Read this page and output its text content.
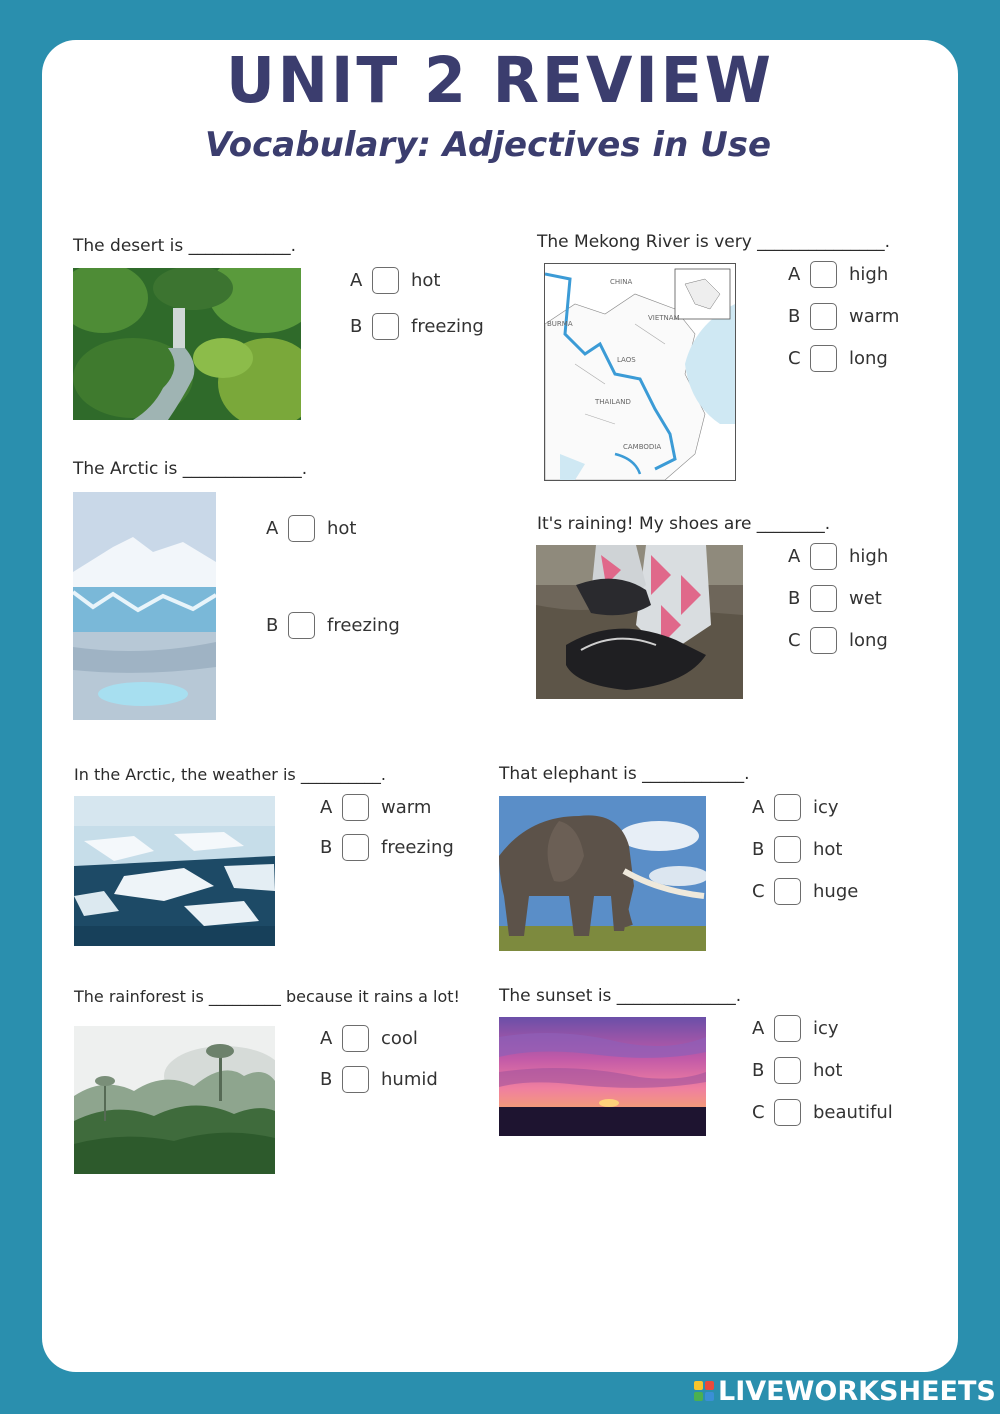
UNIT 2 REVIEW
Vocabulary: Adjectives in Use
The desert is ____________.
A	hot
B	freezing
The Mekong River is very _______________.
CHINA
BURMA
VIETNAM
LAOS
THAILAND
CAMBODIA
A	high
B	warm
C	long
The Arctic is ______________.
A	hot
B	freezing
It's raining! My shoes are ________.
A	high
B	wet
C	long
In the Arctic, the weather is __________.
A	warm
B	freezing
That elephant is ____________.
A	icy
B	hot
C	huge
The rainforest is _________ because it rains a lot!
A	cool
B	humid
The sunset is ______________.
A	icy
B	hot
C	beautiful
LIVEWORKSHEETS
